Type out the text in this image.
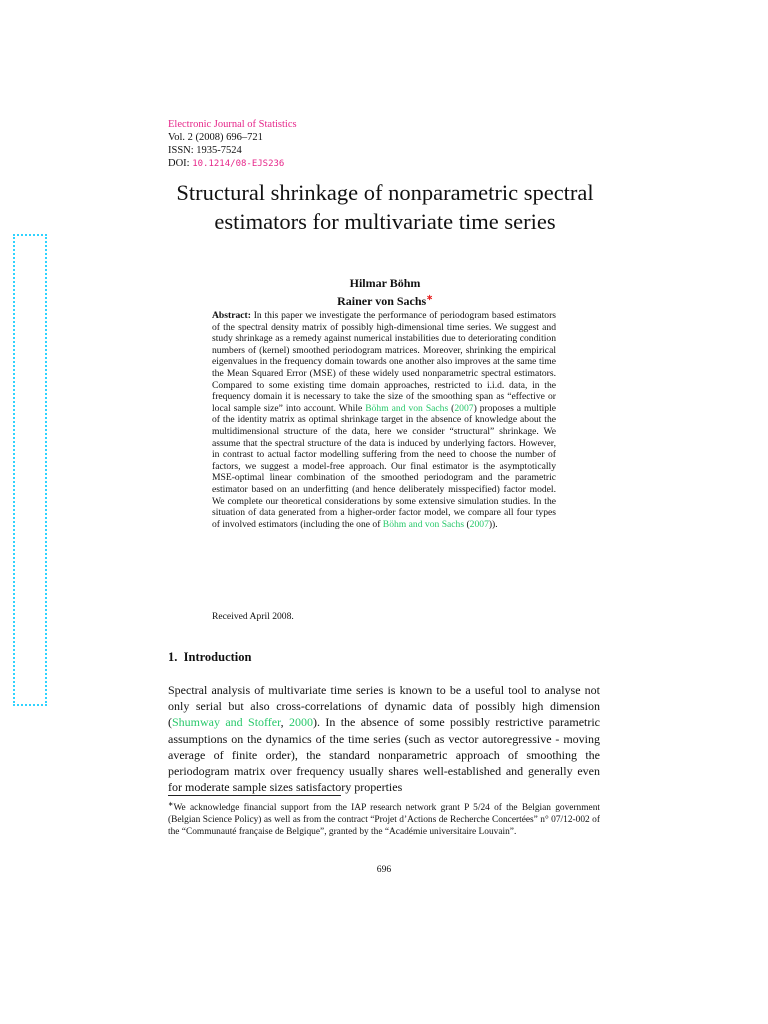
Electronic Journal of Statistics
Vol. 2 (2008) 696–721
ISSN: 1935-7524
DOI: 10.1214/08-EJS236
Structural shrinkage of nonparametric spectral estimators for multivariate time series
Hilmar Böhm
Rainer von Sachs∗
Abstract: In this paper we investigate the performance of periodogram based estimators of the spectral density matrix of possibly high-dimensional time series. We suggest and study shrinkage as a remedy against numerical instabilities due to deteriorating condition numbers of (kernel) smoothed periodogram matrices. Moreover, shrinking the empirical eigenvalues in the frequency domain towards one another also improves at the same time the Mean Squared Error (MSE) of these widely used nonparametric spectral estimators. Compared to some existing time domain approaches, restricted to i.i.d. data, in the frequency domain it is necessary to take the size of the smoothing span as “effective or local sample size” into account. While Böhm and von Sachs (2007) proposes a multiple of the identity matrix as optimal shrinkage target in the absence of knowledge about the multidimensional structure of the data, here we consider “structural” shrinkage. We assume that the spectral structure of the data is induced by underlying factors. However, in contrast to actual factor modelling suffering from the need to choose the number of factors, we suggest a model-free approach. Our final estimator is the asymptotically MSE-optimal linear combination of the smoothed periodogram and the parametric estimator based on an underfitting (and hence deliberately misspecified) factor model. We complete our theoretical considerations by some extensive simulation studies. In the situation of data generated from a higher-order factor model, we compare all four types of involved estimators (including the one of Böhm and von Sachs (2007)).
Received April 2008.
1. Introduction
Spectral analysis of multivariate time series is known to be a useful tool to analyse not only serial but also cross-correlations of dynamic data of possibly high dimension (Shumway and Stoffer, 2000). In the absence of some possibly restrictive parametric assumptions on the dynamics of the time series (such as vector autoregressive - moving average of finite order), the standard nonparametric approach of smoothing the periodogram matrix over frequency usually shares well-established and generally even for moderate sample sizes satisfactory properties
∗We acknowledge financial support from the IAP research network grant P 5/24 of the Belgian government (Belgian Science Policy) as well as from the contract “Projet d’Actions de Recherche Concertées” n° 07/12-002 of the “Communauté française de Belgique”, granted by the “Académie universitaire Louvain”.
696
